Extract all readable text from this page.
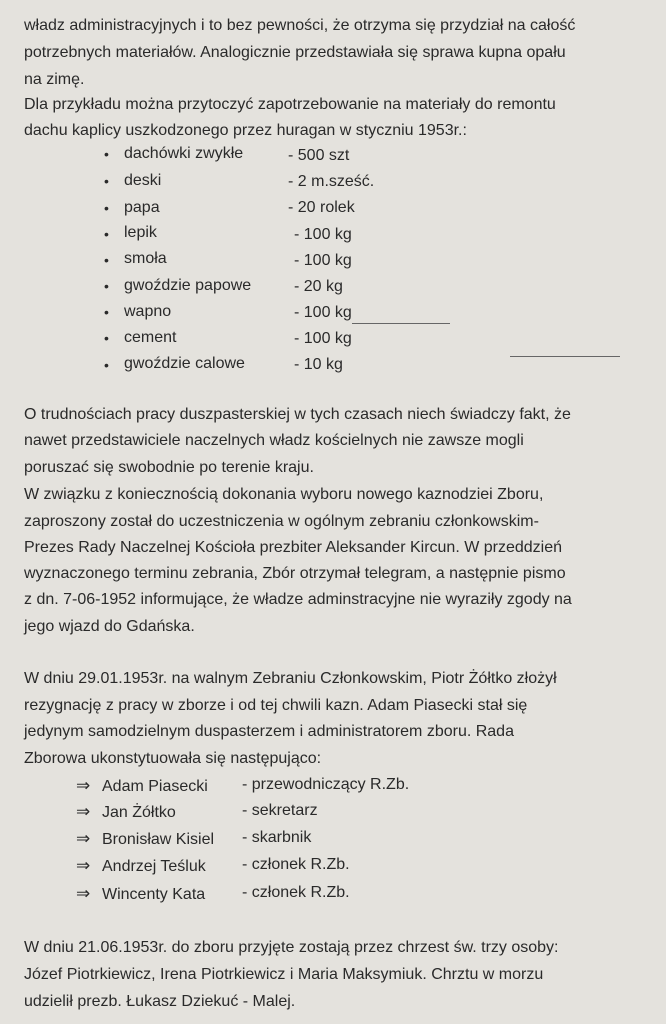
władz administracyjnych i to bez pewności, że otrzyma się przydział na całość
potrzebnych materiałów. Analogicznie przedstawiała się sprawa kupna opału
na zimę.
Dla przykładu można przytoczyć zapotrzebowanie na materiały do remontu
dachu kaplicy uszkodzonego przez huragan w styczniu 1953r.:
• dachówki zwykłe	- 500 szt
• deski	- 2 m.sześć.
• papa	- 20 rolek
• lepik	- 100 kg
• smoła	- 100 kg
• gwoździe papowe	- 20 kg
• wapno	- 100 kg
• cement	- 100 kg
• gwoździe calowe	- 10 kg
O trudnościach pracy duszpasterskiej w tych czasach niech świadczy fakt, że
nawet przedstawiciele naczelnych władz kościelnych nie zawsze mogli
poruszać się swobodnie po terenie kraju.
W związku z koniecznością dokonania wyboru nowego kaznodziei Zboru,
zaproszony został do uczestniczenia w ogólnym zebraniu członkowskim-
Prezes Rady Naczelnej Kościoła prezbiter Aleksander Kircun. W przeddzień
wyznaczonego terminu zebrania, Zbór otrzymał telegram, a następnie pismo
z dn. 7-06-1952 informujące, że władze adminstracyjne nie wyraziły zgody na
jego wjazd do Gdańska.
W dniu 29.01.1953r. na walnym Zebraniu Członkowskim, Piotr Żółtko złożył
rezygnację z pracy w zborze i od tej chwili kazn. Adam Piasecki stał się
jedynym samodzielnym duspasterzem i administratorem zboru. Rada
Zborowa ukonstytuowała się następująco:
⇒ Adam Piasecki - przewodniczący R.Zb.
⇒ Jan Żółtko	- sekretarz
⇒ Bronisław Kisiel - skarbnik
⇒ Andrzej Teśluk - członek R.Zb.
⇒ Wincenty Kata - członek R.Zb.
W dniu 21.06.1953r. do zboru przyjęte zostają przez chrzest św. trzy osoby:
Józef Piotrkiewicz, Irena Piotrkiewicz i Maria Maksymiuk. Chrztu w morzu
udzielił prezb. Łukasz Dziekuć - Malej.
